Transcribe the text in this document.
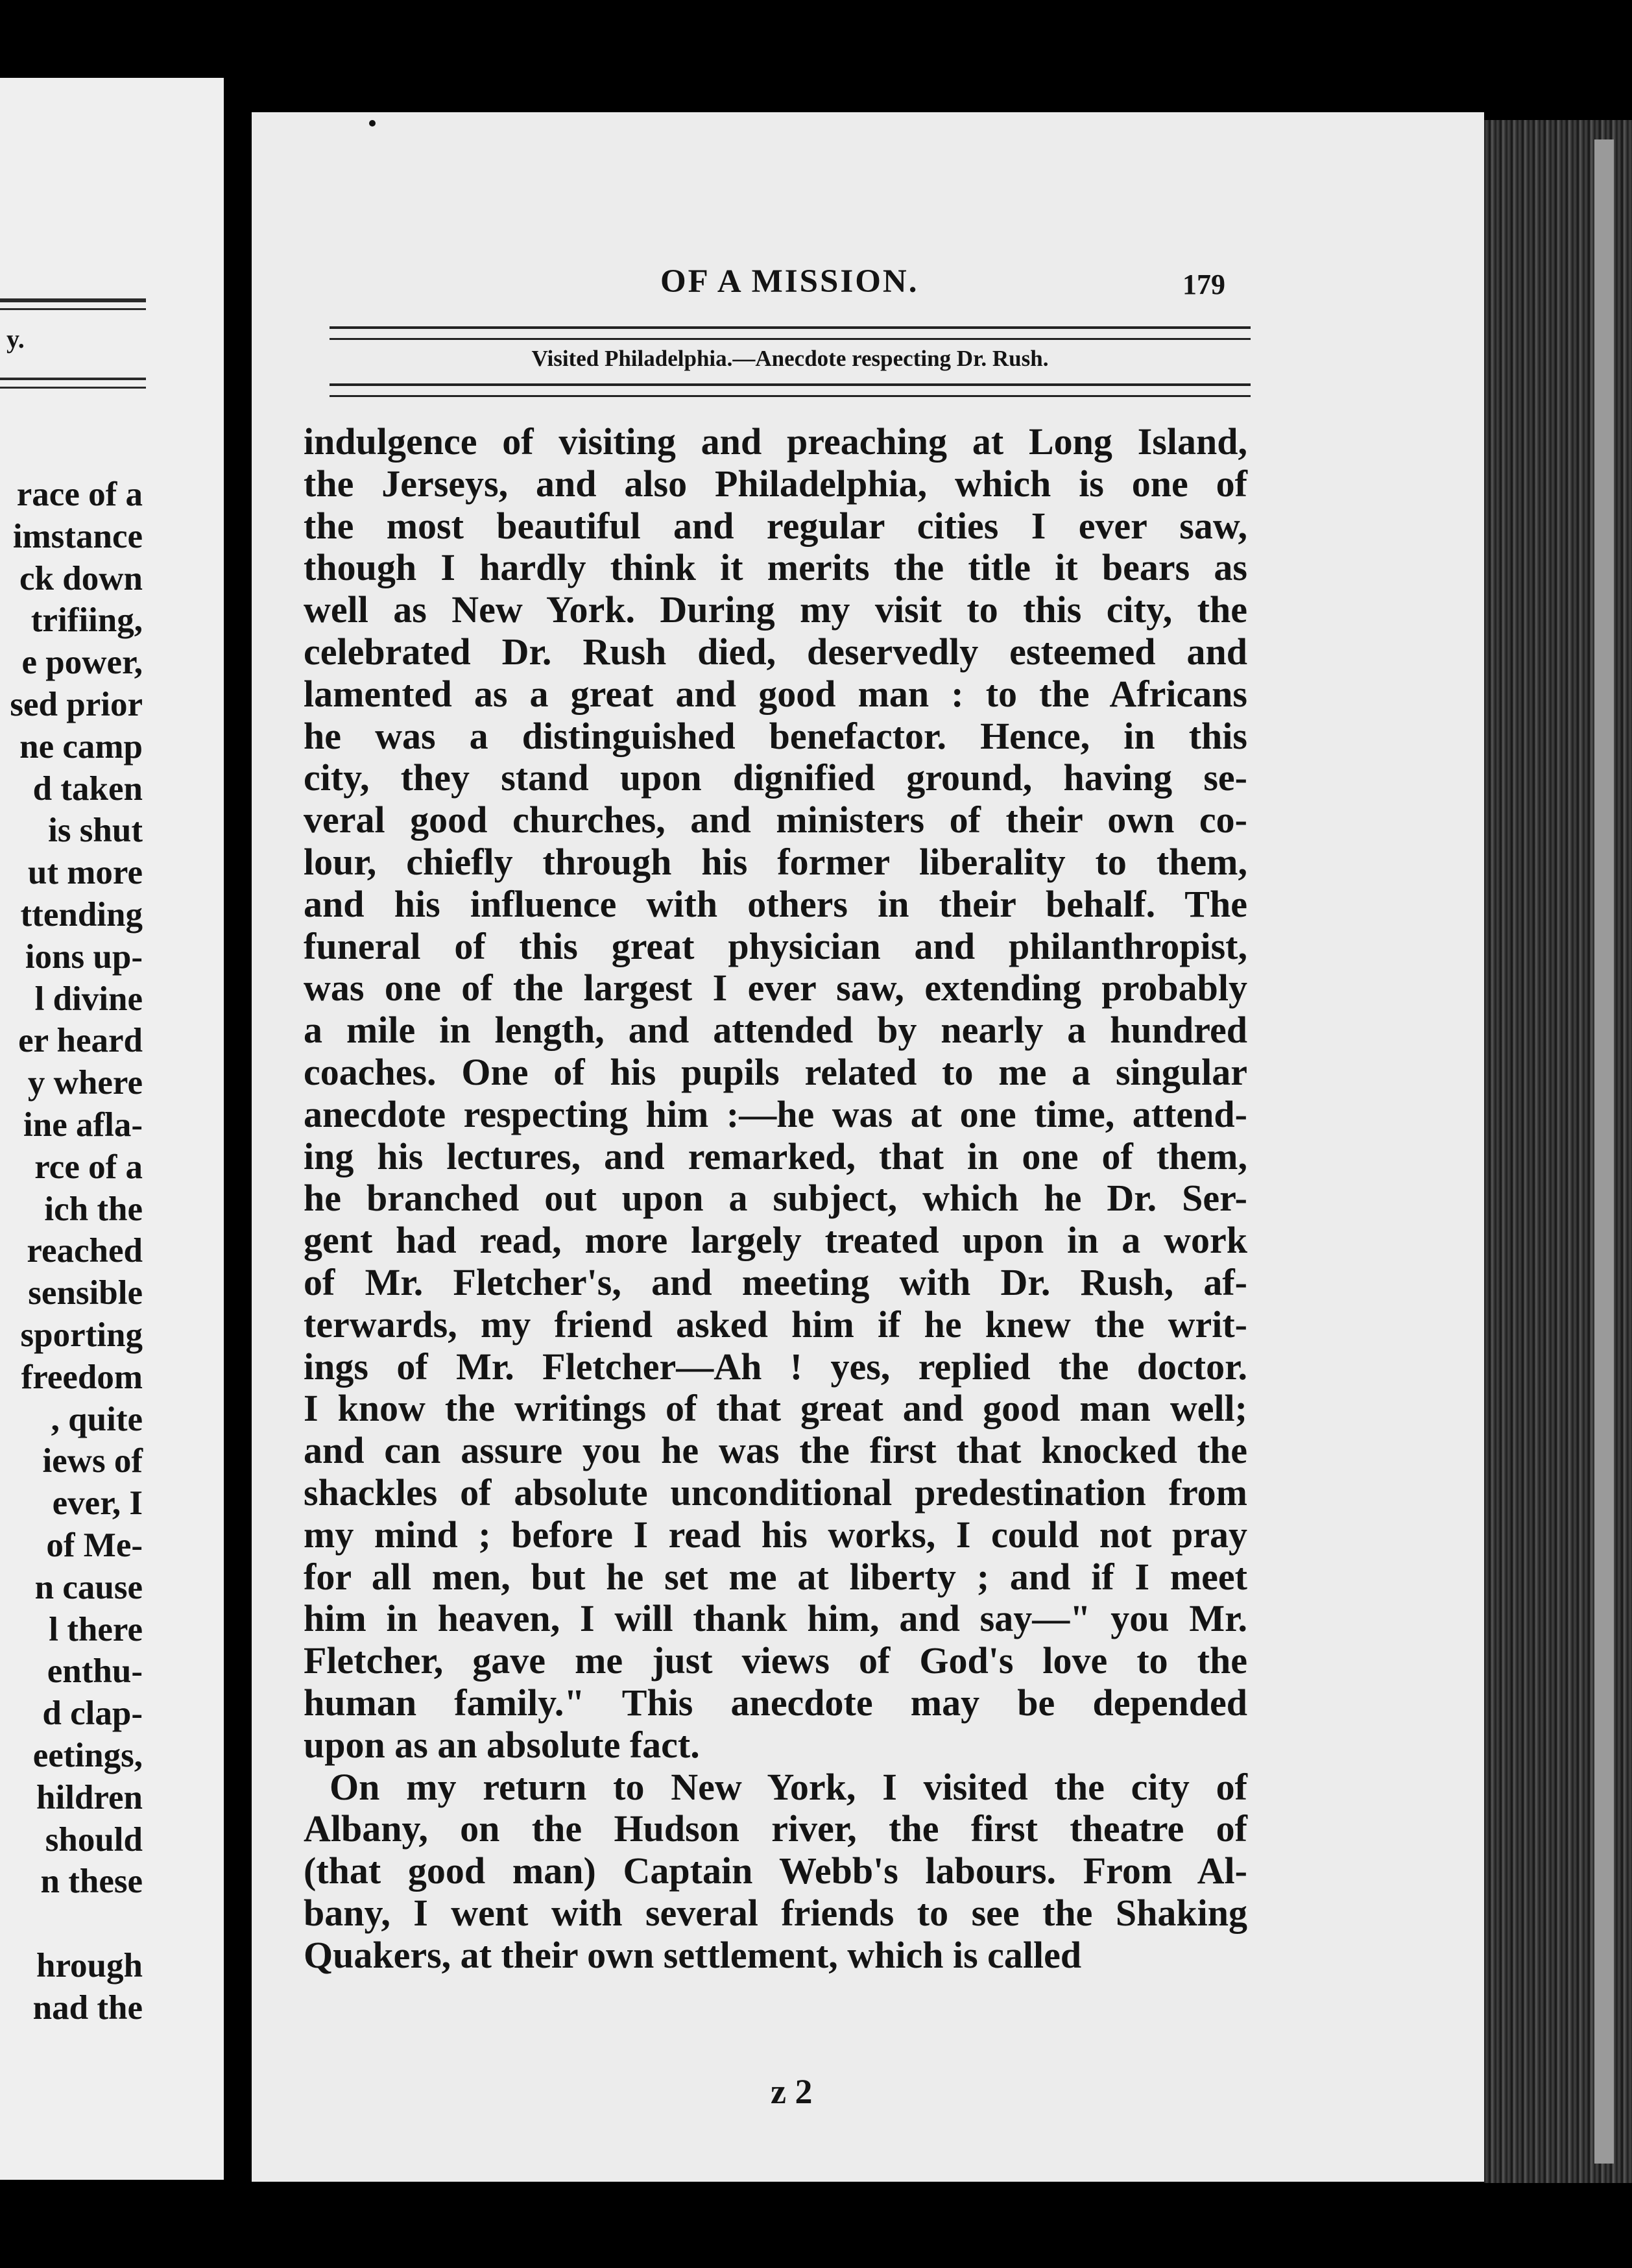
y.
race of a
imstance
ck down
trifiing,
e power,
sed prior
ne camp
d taken
is shut
ut more
ttending
ions up-
l divine
er heard
y where
ine afla-
rce of a
ich the
reached
sensible
sporting
freedom
, quite
iews of
ever, I
of Me-
n cause
l there
enthu-
d clap-
eetings,
hildren
should
n these
hrough
nad the
OF A MISSION.	179
Visited Philadelphia.—Anecdote respecting Dr. Rush.
indulgence of visiting and preaching at Long Island,
the Jerseys, and also Philadelphia, which is one of
the most beautiful and regular cities I ever saw,
though I hardly think it merits the title it bears as
well as New York. During my visit to this city, the
celebrated Dr. Rush died, deservedly esteemed and
lamented as a great and good man : to the Africans
he was a distinguished benefactor. Hence, in this
city, they stand upon dignified ground, having se-
veral good churches, and ministers of their own co-
lour, chiefly through his former liberality to them,
and his influence with others in their behalf. The
funeral of this great physician and philanthropist,
was one of the largest I ever saw, extending probably
a mile in length, and attended by nearly a hundred
coaches. One of his pupils related to me a singular
anecdote respecting him :—he was at one time, attend-
ing his lectures, and remarked, that in one of them,
he branched out upon a subject, which he Dr. Ser-
gent had read, more largely treated upon in a work
of Mr. Fletcher's, and meeting with Dr. Rush, af-
terwards, my friend asked him if he knew the writ-
ings of Mr. Fletcher—Ah ! yes, replied the doctor.
I know the writings of that great and good man well;
and can assure you he was the first that knocked the
shackles of absolute unconditional predestination from
my mind ; before I read his works, I could not pray
for all men, but he set me at liberty ; and if I meet
him in heaven, I will thank him, and say—" you Mr.
Fletcher, gave me just views of God's love to the
human family." This anecdote may be depended
upon as an absolute fact.
On my return to New York, I visited the city of
Albany, on the Hudson river, the first theatre of
(that good man) Captain Webb's labours. From Al-
bany, I went with several friends to see the Shaking
Quakers, at their own settlement, which is called
z 2
